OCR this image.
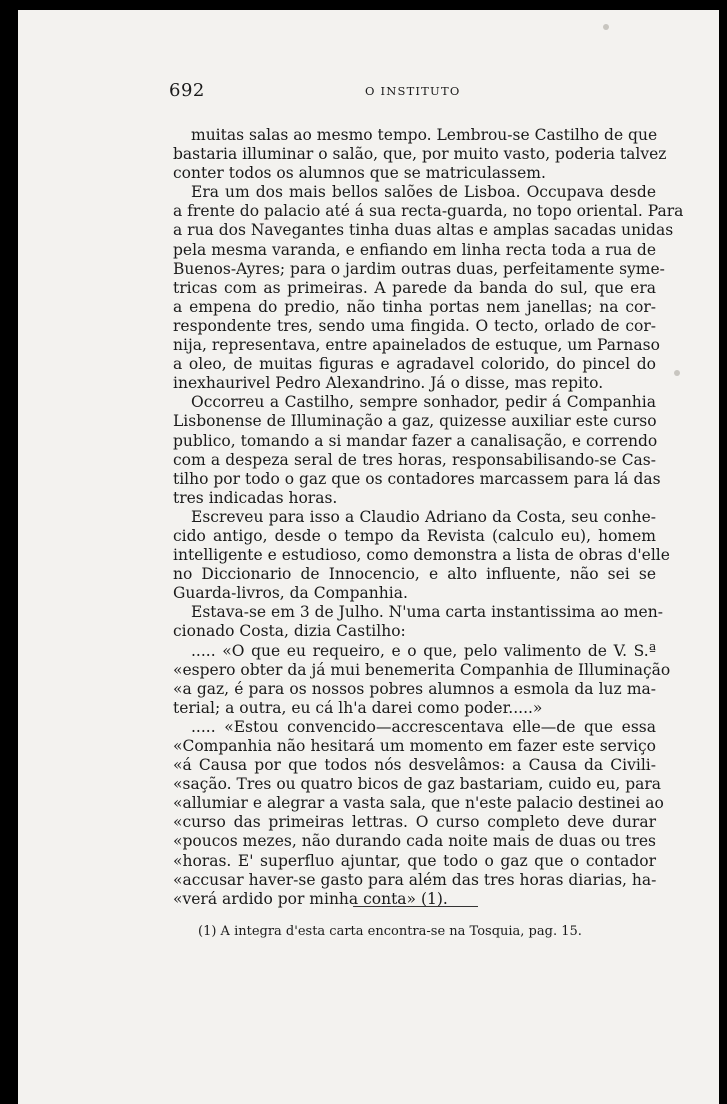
692	O INSTITUTO
muitas salas ao mesmo tempo. Lembrou-se Castilho de que
bastaria illuminar o salão, que, por muito vasto, poderia talvez
conter todos os alumnos que se matriculassem.
Era um dos mais bellos salões de Lisboa. Occupava desde
a frente do palacio até á sua recta-guarda, no topo oriental. Para
a rua dos Navegantes tinha duas altas e amplas sacadas unidas
pela mesma varanda, e enfiando em linha recta toda a rua de
Buenos-Ayres; para o jardim outras duas, perfeitamente syme-
tricas com as primeiras. A parede da banda do sul, que era
a empena do predio, não tinha portas nem janellas; na cor-
respondente tres, sendo uma fingida. O tecto, orlado de cor-
nija, representava, entre apainelados de estuque, um Parnaso
a oleo, de muitas figuras e agradavel colorido, do pincel do
inexhaurivel Pedro Alexandrino. Já o disse, mas repito.
Occorreu a Castilho, sempre sonhador, pedir á Companhia
Lisbonense de Illuminação a gaz, quizesse auxiliar este curso
publico, tomando a si mandar fazer a canalisação, e correndo
com a despeza seral de tres horas, responsabilisando-se Cas-
tilho por todo o gaz que os contadores marcassem para lá das
tres indicadas horas.
Escreveu para isso a Claudio Adriano da Costa, seu conhe-
cido antigo, desde o tempo da Revista (calculo eu), homem
intelligente e estudioso, como demonstra a lista de obras d'elle
no Diccionario de Innocencio, e alto influente, não sei se
Guarda-livros, da Companhia.
Estava-se em 3 de Julho. N'uma carta instantissima ao men-
cionado Costa, dizia Castilho:
..... «O que eu requeiro, e o que, pelo valimento de V. S.ª
«espero obter da já mui benemerita Companhia de Illuminação
«a gaz, é para os nossos pobres alumnos a esmola da luz ma-
terial; a outra, eu cá lh'a darei como poder.....»
..... «Estou convencido—accrescentava elle—de que essa
«Companhia não hesitará um momento em fazer este serviço
«á Causa por que todos nós desvelâmos: a Causa da Civili-
«sação. Tres ou quatro bicos de gaz bastariam, cuido eu, para
«allumiar e alegrar a vasta sala, que n'este palacio destinei ao
«curso das primeiras lettras. O curso completo deve durar
«poucos mezes, não durando cada noite mais de duas ou tres
«horas. E' superfluo ajuntar, que todo o gaz que o contador
«accusar haver-se gasto para além das tres horas diarias, ha-
«verá ardido por minha conta» (1).
(1) A integra d'esta carta encontra-se na Tosquia, pag. 15.
